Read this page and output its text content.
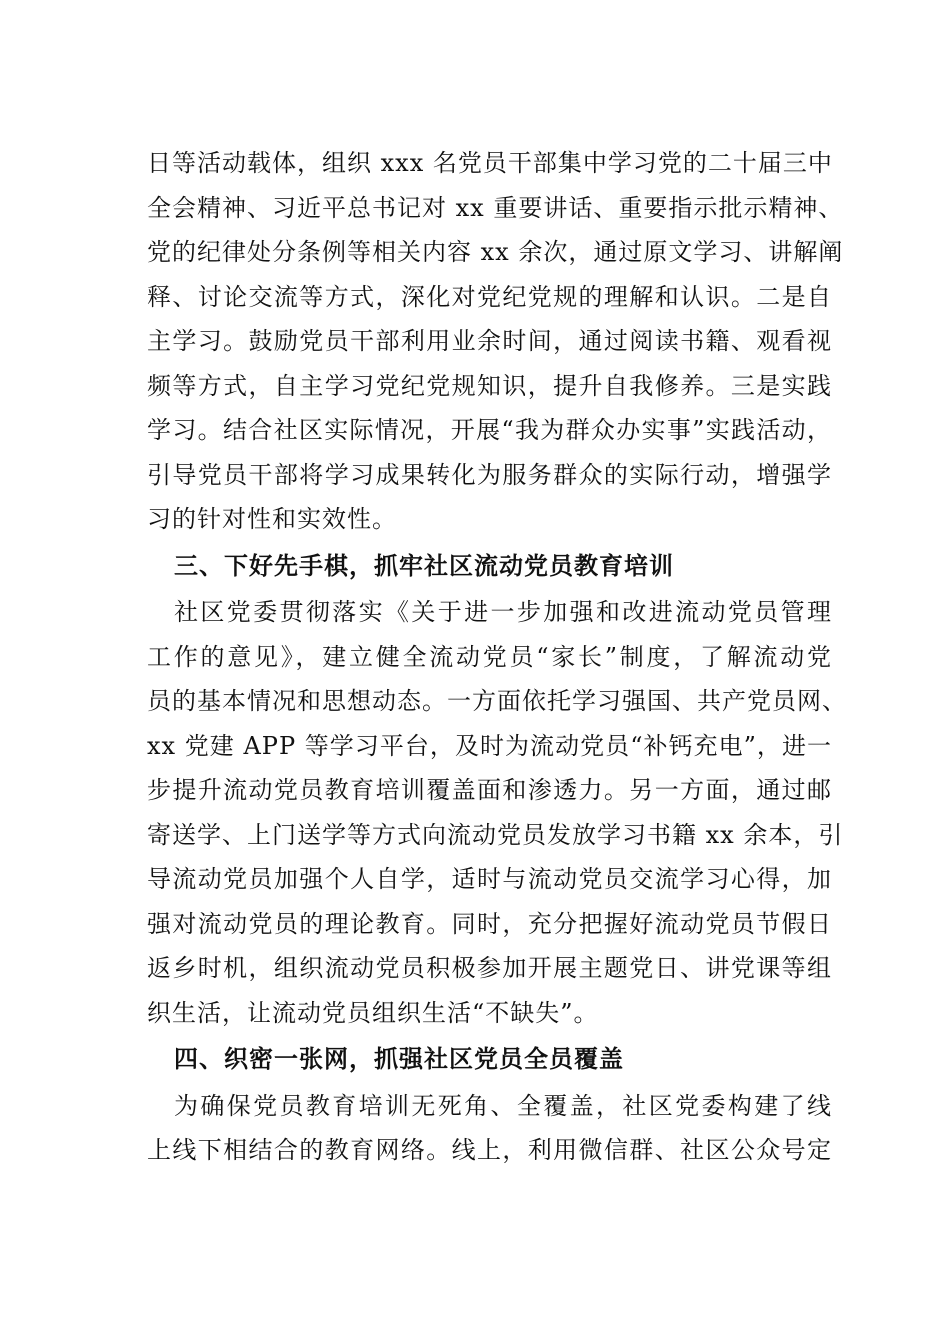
日等活动载体，组织 xxx 名党员干部集中学习党的二十届三中
全会精神、习近平总书记对 xx 重要讲话、重要指示批示精神、
党的纪律处分条例等相关内容 xx 余次，通过原文学习、讲解阐
释、讨论交流等方式，深化对党纪党规的理解和认识。二是自
主学习。鼓励党员干部利用业余时间，通过阅读书籍、观看视
频等方式，自主学习党纪党规知识，提升自我修养。三是实践
学习。结合社区实际情况，开展“我为群众办实事”实践活动，
引导党员干部将学习成果转化为服务群众的实际行动，增强学
习的针对性和实效性。
三、下好先手棋，抓牢社区流动党员教育培训
社区党委贯彻落实《关于进一步加强和改进流动党员管理
工作的意见》，建立健全流动党员“家长”制度，了解流动党
员的基本情况和思想动态。一方面依托学习强国、共产党员网、
xx 党建 APP 等学习平台，及时为流动党员“补钙充电”，进一
步提升流动党员教育培训覆盖面和渗透力。另一方面，通过邮
寄送学、上门送学等方式向流动党员发放学习书籍 xx 余本，引
导流动党员加强个人自学，适时与流动党员交流学习心得，加
强对流动党员的理论教育。同时，充分把握好流动党员节假日
返乡时机，组织流动党员积极参加开展主题党日、讲党课等组
织生活，让流动党员组织生活“不缺失”。
四、织密一张网，抓强社区党员全员覆盖
为确保党员教育培训无死角、全覆盖，社区党委构建了线
上线下相结合的教育网络。线上，利用微信群、社区公众号定
